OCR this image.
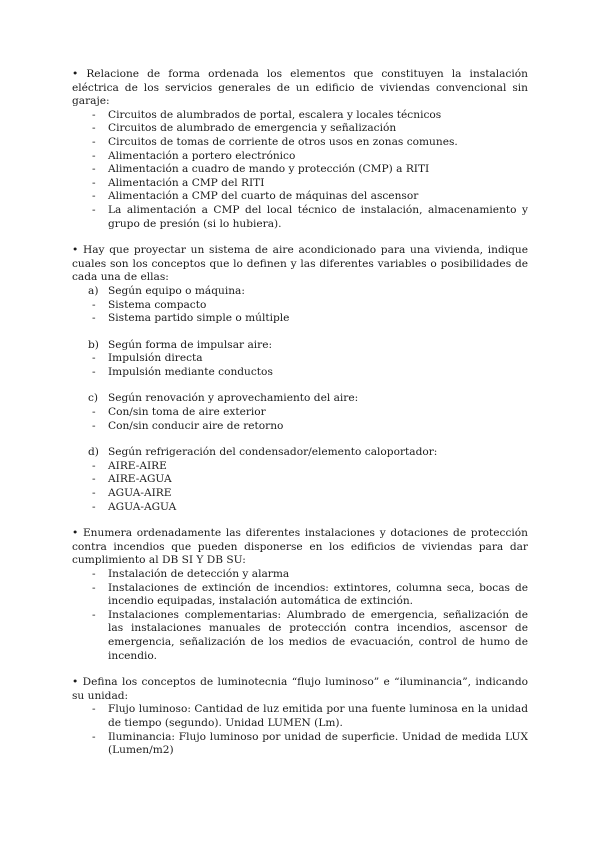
• Relacione de forma ordenada los elementos que constituyen la instalación eléctrica de los servicios generales de un edificio de viviendas convencional sin garaje:
- Circuitos de alumbrados de portal, escalera y locales técnicos
- Circuitos de alumbrado de emergencia y señalización
- Circuitos de tomas de corriente de otros usos en zonas comunes.
- Alimentación a portero electrónico
- Alimentación a cuadro de mando y protección (CMP) a RITI
- Alimentación a CMP del RITI
- Alimentación a CMP del cuarto de máquinas del ascensor
- La alimentación a CMP del local técnico de instalación, almacenamiento y grupo de presión (si lo hubiera).
• Hay que proyectar un sistema de aire acondicionado para una vivienda, indique cuales son los conceptos que lo definen y las diferentes variables o posibilidades de cada una de ellas:
a) Según equipo o máquina:
- Sistema compacto
- Sistema partido simple o múltiple
b) Según forma de impulsar aire:
- Impulsión directa
- Impulsión mediante conductos
c) Según renovación y aprovechamiento del aire:
- Con/sin toma de aire exterior
- Con/sin conducir aire de retorno
d) Según refrigeración del condensador/elemento caloportador:
- AIRE-AIRE
- AIRE-AGUA
- AGUA-AIRE
- AGUA-AGUA
• Enumera ordenadamente las diferentes instalaciones y dotaciones de protección contra incendios que pueden disponerse en los edificios de viviendas para dar cumplimiento al DB SI Y DB SU:
- Instalación de detección y alarma
- Instalaciones de extinción de incendios: extintores, columna seca, bocas de incendio equipadas, instalación automática de extinción.
- Instalaciones complementarias: Alumbrado de emergencia, señalización de las instalaciones manuales de protección contra incendios, ascensor de emergencia, señalización de los medios de evacuación, control de humo de incendio.
• Defina los conceptos de luminotecnia “flujo luminoso” e “iluminancia”, indicando su unidad:
- Flujo luminoso: Cantidad de luz emitida por una fuente luminosa en la unidad de tiempo (segundo). Unidad LUMEN (Lm).
- Iluminancia: Flujo luminoso por unidad de superficie. Unidad de medida LUX (Lumen/m2)
